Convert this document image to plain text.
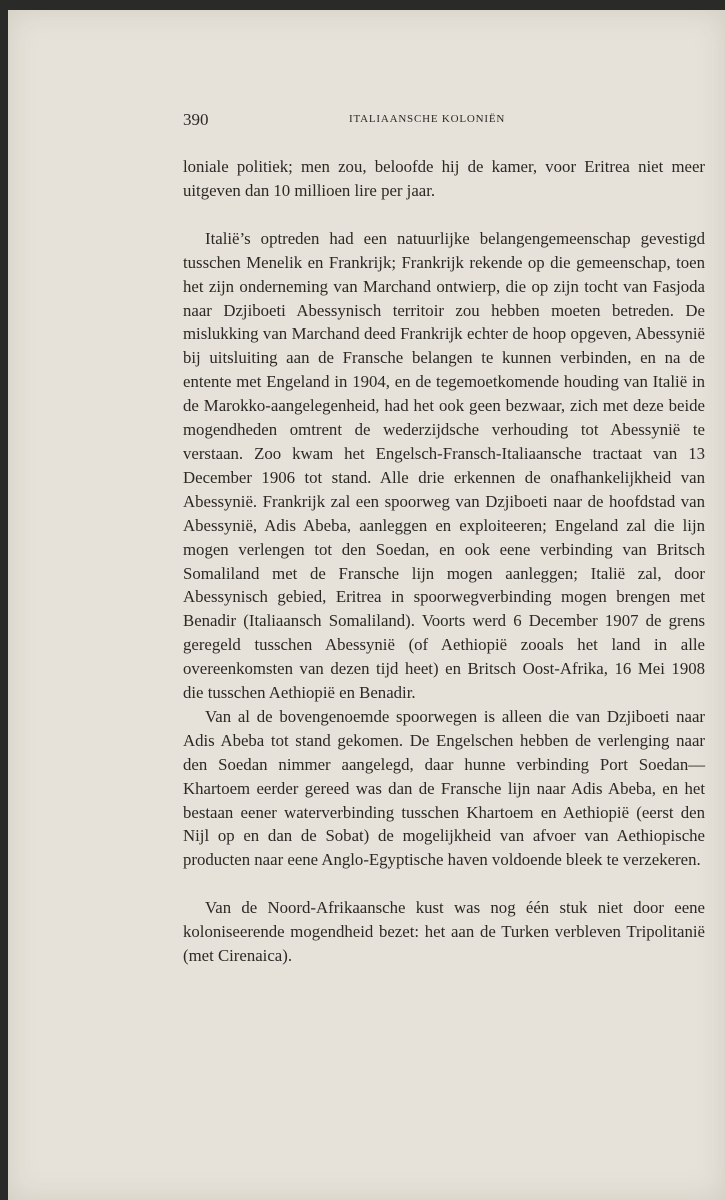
390	ITALIAANSCHE KOLONIËN

loniale politiek; men zou, beloofde hij de kamer, voor Eritrea niet meer uitgeven dan 10 millioen lire per jaar.

Italië’s optreden had een natuurlijke belangengemeenschap gevestigd tusschen Menelik en Frankrijk; Frankrijk rekende op die gemeenschap, toen het zijn onderneming van Marchand ontwierp, die op zijn tocht van Fasjoda naar Dzjiboeti Abessynisch territoir zou hebben moeten betreden. De mislukking van Marchand deed Frankrijk echter de hoop opgeven, Abessynië bij uitsluiting aan de Fransche belangen te kunnen verbinden, en na de entente met Engeland in 1904, en de tegemoetkomende houding van Italië in de Marokko-aangelegenheid, had het ook geen bezwaar, zich met deze beide mogendheden omtrent de wederzijdsche verhouding tot Abessynië te verstaan. Zoo kwam het Engelsch-Fransch-Italiaansche tractaat van 13 December 1906 tot stand. Alle drie erkennen de onafhankelijkheid van Abessynië. Frankrijk zal een spoorweg van Dzjiboeti naar de hoofdstad van Abessynië, Adis Abeba, aanleggen en exploiteeren; Engeland zal die lijn mogen verlengen tot den Soedan, en ook eene verbinding van Britsch Somaliland met de Fransche lijn mogen aanleggen; Italië zal, door Abessynisch gebied, Eritrea in spoorwegverbinding mogen brengen met Benadir (Italiaansch Somaliland). Voorts werd 6 December 1907 de grens geregeld tusschen Abessynië (of Aethiopië zooals het land in alle overeenkomsten van dezen tijd heet) en Britsch Oost-Afrika, 16 Mei 1908 die tusschen Aethiopië en Benadir.

Van al de bovengenoemde spoorwegen is alleen die van Dzjiboeti naar Adis Abeba tot stand gekomen. De Engelschen hebben de verlenging naar den Soedan nimmer aangelegd, daar hunne verbinding Port Soedan—Khartoem eerder gereed was dan de Fransche lijn naar Adis Abeba, en het bestaan eener waterverbinding tusschen Khartoem en Aethiopië (eerst den Nijl op en dan de Sobat) de mogelijkheid van afvoer van Aethiopische producten naar eene Anglo-Egyptische haven voldoende bleek te verzekeren.

Van de Noord-Afrikaansche kust was nog één stuk niet door eene koloniseerende mogendheid bezet: het aan de Turken verbleven Tripolitanië (met Cirenaica).
